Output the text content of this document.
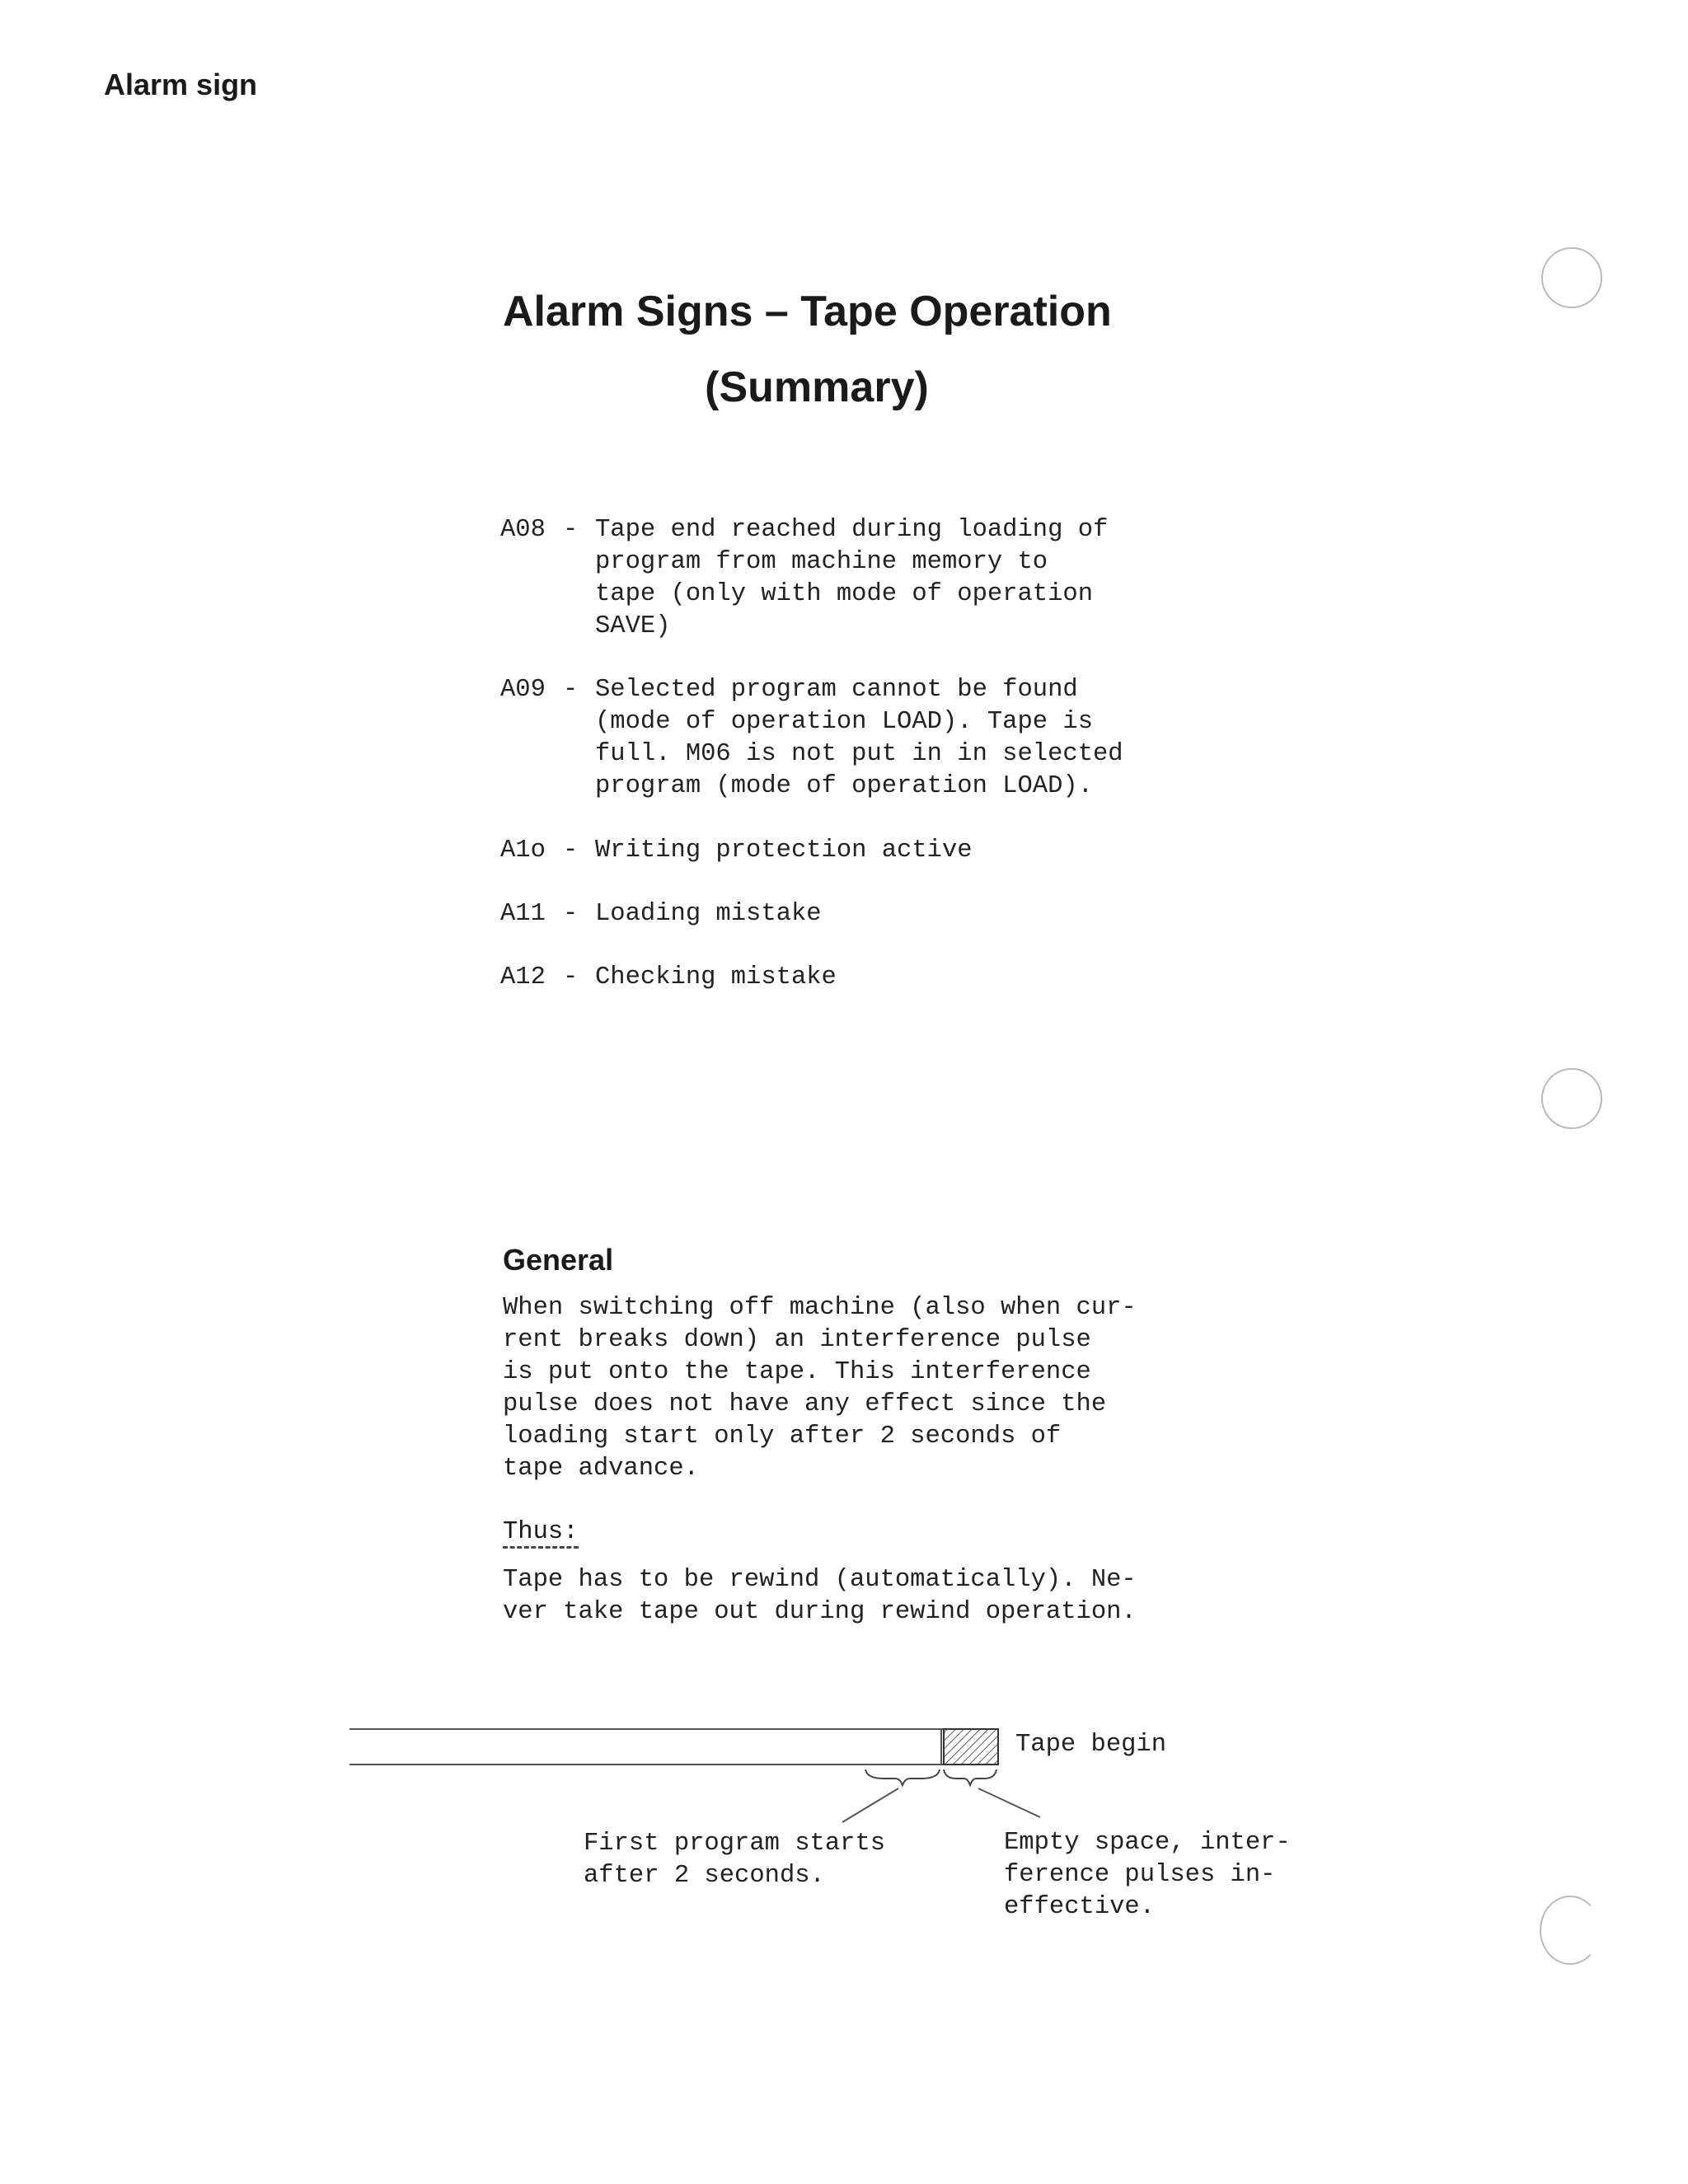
Alarm sign
Alarm Signs – Tape Operation
(Summary)
A08 - Tape end reached during loading of
program from machine memory to
tape (only with mode of operation
SAVE)
A09 - Selected program cannot be found
(mode of operation LOAD). Tape is
full. M06 is not put in in selected
program (mode of operation LOAD).
A1o - Writing protection active
A11 - Loading mistake
A12 - Checking mistake
General
When switching off machine (also when cur-
rent breaks down) an interference pulse
is put onto the tape. This interference
pulse does not have any effect since the
loading start only after 2 seconds of
tape advance.
Thus:
Tape has to be rewind (automatically). Ne-
ver take tape out during rewind operation.
Tape begin
First program starts
after 2 seconds.
Empty space, inter-
ference pulses in-
effective.
